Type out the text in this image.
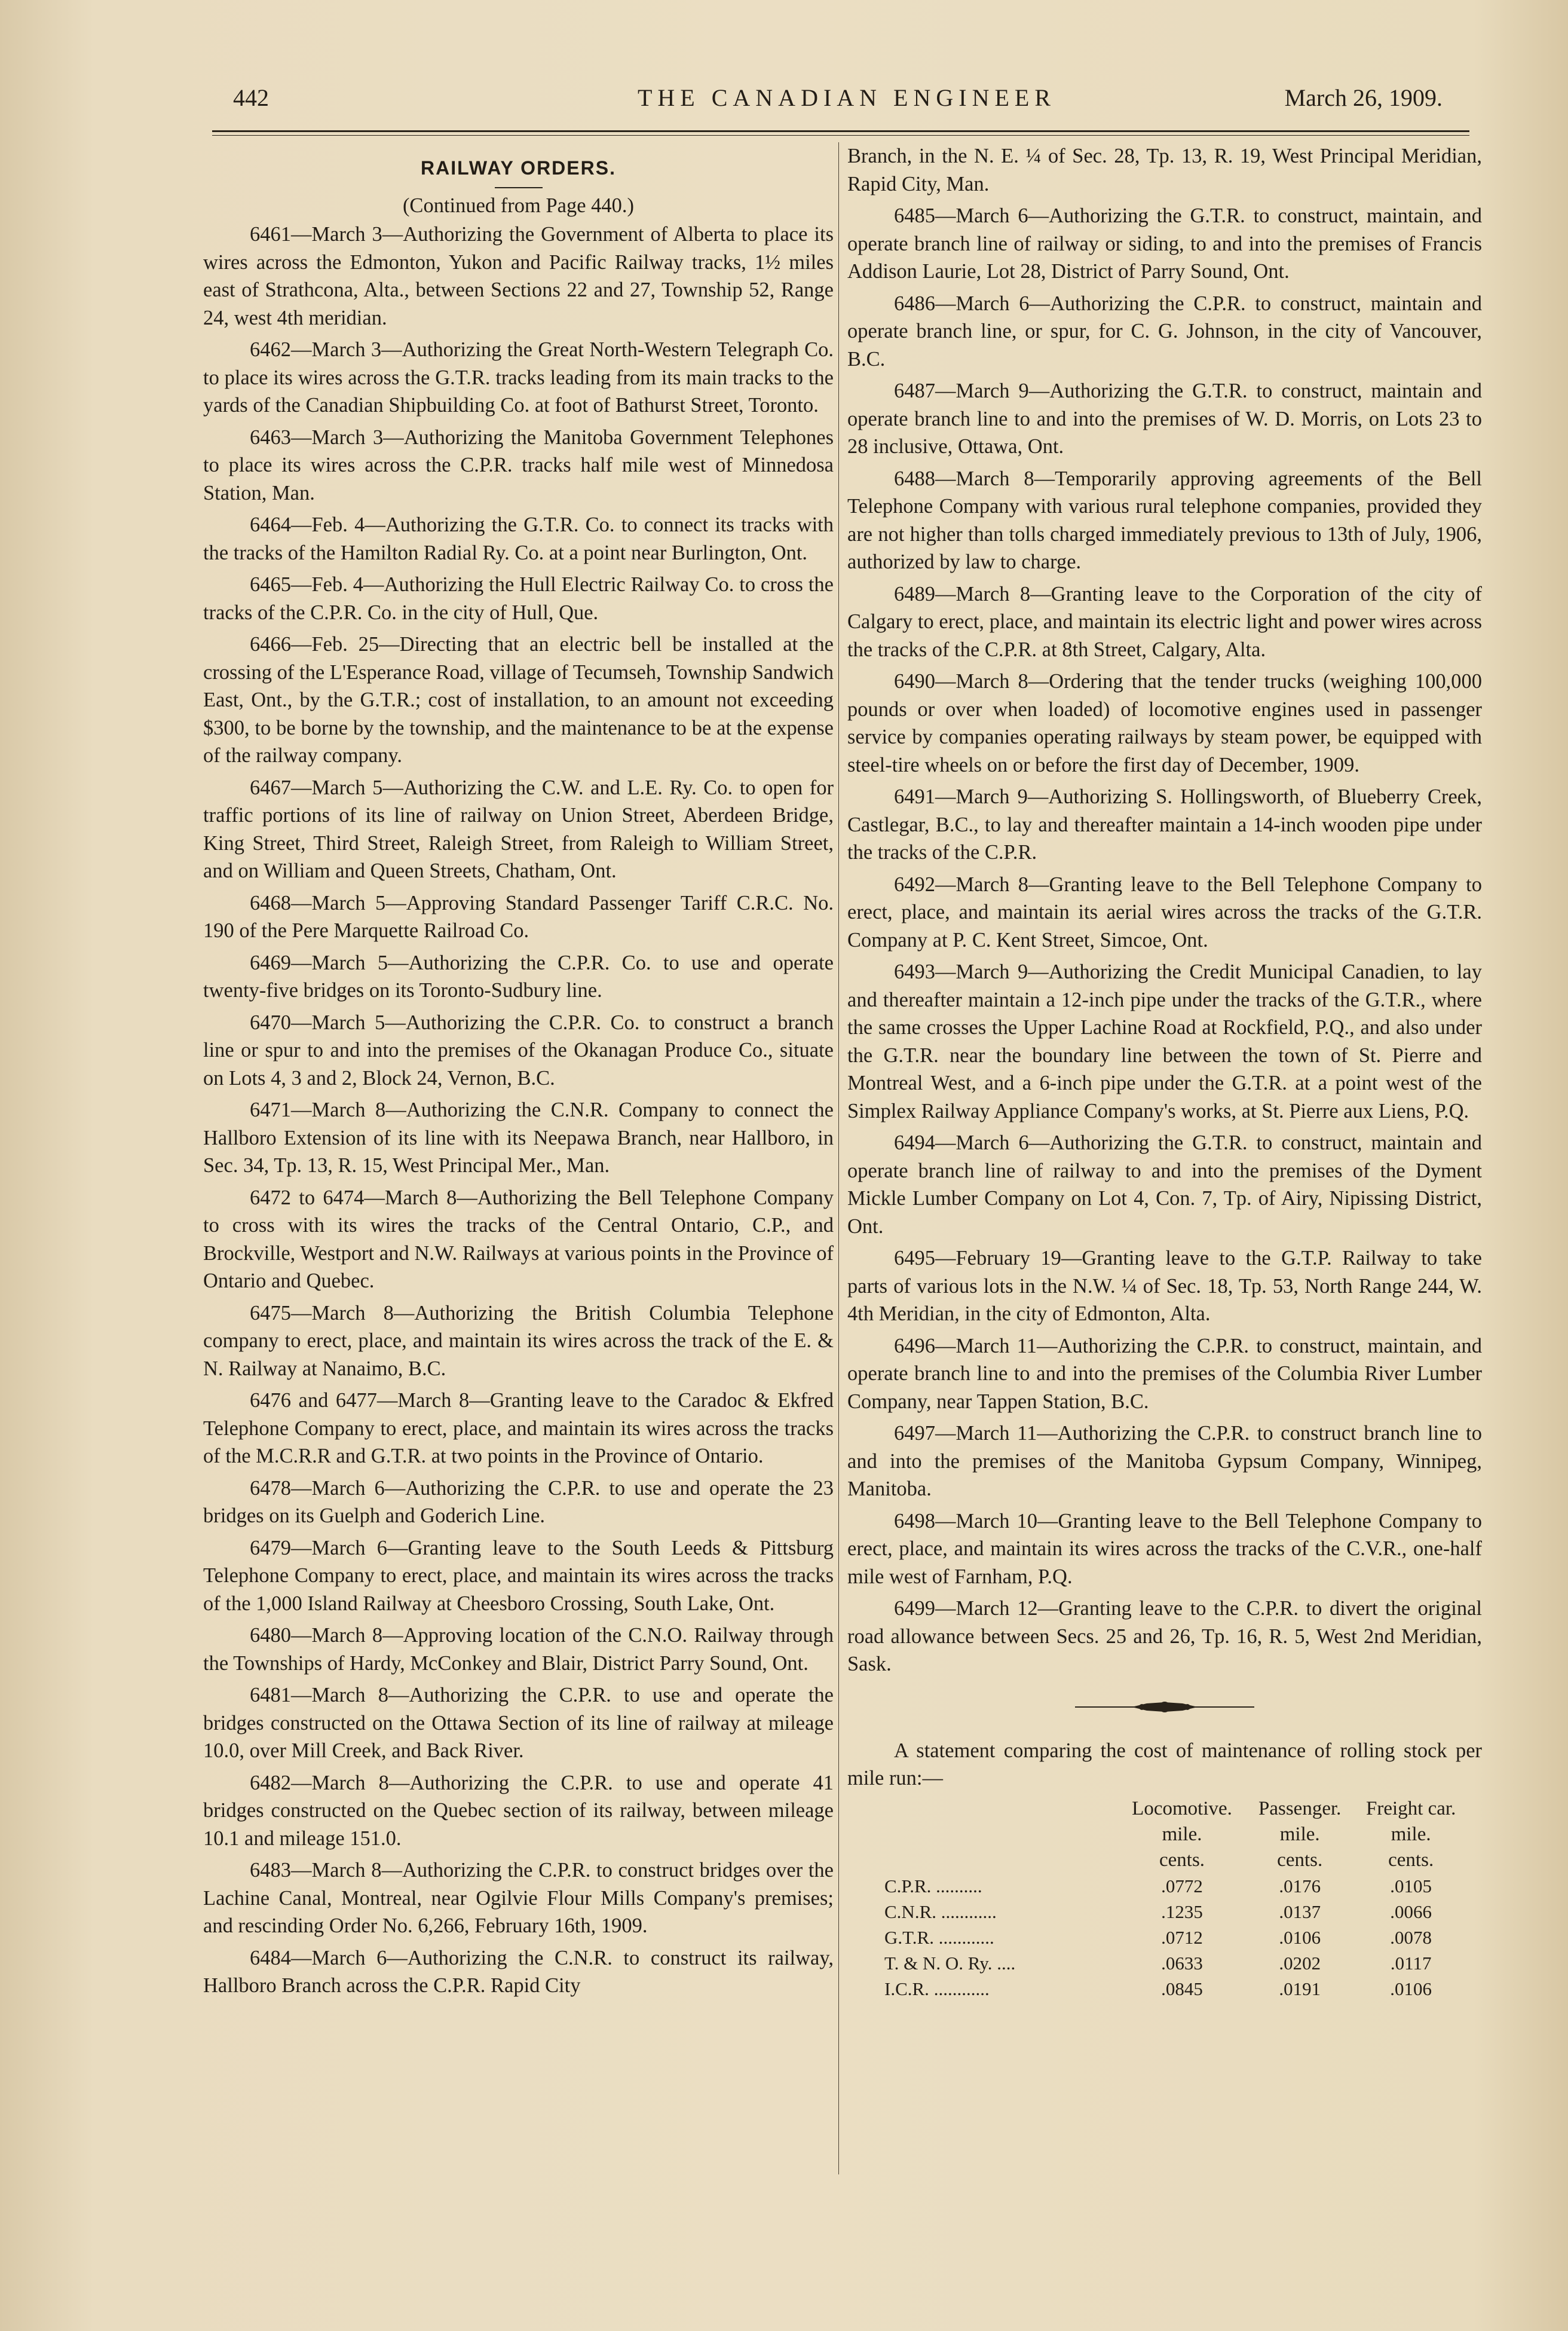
442	THE CANADIAN ENGINEER	March 26, 1909.
RAILWAY ORDERS.
(Continued from Page 440.)

6461—March 3—Authorizing the Government of Alberta to place its wires across the Edmonton, Yukon and Pacific Railway tracks, 1½ miles east of Strathcona, Alta., between Sections 22 and 27, Township 52, Range 24, west 4th meridian.

6462—March 3—Authorizing the Great North-Western Telegraph Co. to place its wires across the G.T.R. tracks leading from its main tracks to the yards of the Canadian Shipbuilding Co. at foot of Bathurst Street, Toronto.

6463—March 3—Authorizing the Manitoba Government Telephones to place its wires across the C.P.R. tracks half mile west of Minnedosa Station, Man.

6464—Feb. 4—Authorizing the G.T.R. Co. to connect its tracks with the tracks of the Hamilton Radial Ry. Co. at a point near Burlington, Ont.

6465—Feb. 4—Authorizing the Hull Electric Railway Co. to cross the tracks of the C.P.R. Co. in the city of Hull, Que.

6466—Feb. 25—Directing that an electric bell be installed at the crossing of the L'Esperance Road, village of Tecumseh, Township Sandwich East, Ont., by the G.T.R.; cost of installation, to an amount not exceeding $300, to be borne by the township, and the maintenance to be at the expense of the railway company.

6467—March 5—Authorizing the C.W. and L.E. Ry. Co. to open for traffic portions of its line of railway on Union Street, Aberdeen Bridge, King Street, Third Street, Raleigh Street, from Raleigh to William Street, and on William and Queen Streets, Chatham, Ont.

6468—March 5—Approving Standard Passenger Tariff C.R.C. No. 190 of the Pere Marquette Railroad Co.

6469—March 5—Authorizing the C.P.R. Co. to use and operate twenty-five bridges on its Toronto-Sudbury line.

6470—March 5—Authorizing the C.P.R. Co. to construct a branch line or spur to and into the premises of the Okanagan Produce Co., situate on Lots 4, 3 and 2, Block 24, Vernon, B.C.

6471—March 8—Authorizing the C.N.R. Company to connect the Hallboro Extension of its line with its Neepawa Branch, near Hallboro, in Sec. 34, Tp. 13, R. 15, West Principal Mer., Man.

6472 to 6474—March 8—Authorizing the Bell Telephone Company to cross with its wires the tracks of the Central Ontario, C.P., and Brockville, Westport and N.W. Railways at various points in the Province of Ontario and Quebec.

6475—March 8—Authorizing the British Columbia Telephone company to erect, place, and maintain its wires across the track of the E. & N. Railway at Nanaimo, B.C.

6476 and 6477—March 8—Granting leave to the Caradoc & Ekfred Telephone Company to erect, place, and maintain its wires across the tracks of the M.C.R.R and G.T.R. at two points in the Province of Ontario.

6478—March 6—Authorizing the C.P.R. to use and operate the 23 bridges on its Guelph and Goderich Line.

6479—March 6—Granting leave to the South Leeds & Pittsburg Telephone Company to erect, place, and maintain its wires across the tracks of the 1,000 Island Railway at Cheesboro Crossing, South Lake, Ont.

6480—March 8—Approving location of the C.N.O. Railway through the Townships of Hardy, McConkey and Blair, District Parry Sound, Ont.

6481—March 8—Authorizing the C.P.R. to use and operate the bridges constructed on the Ottawa Section of its line of railway at mileage 10.0, over Mill Creek, and Back River.

6482—March 8—Authorizing the C.P.R. to use and operate 41 bridges constructed on the Quebec section of its railway, between mileage 10.1 and mileage 151.0.

6483—March 8—Authorizing the C.P.R. to construct bridges over the Lachine Canal, Montreal, near Ogilvie Flour Mills Company's premises; and rescinding Order No. 6,266, February 16th, 1909.

6484—March 6—Authorizing the C.N.R. to construct its railway, Hallboro Branch across the C.P.R. Rapid City

Branch, in the N. E. ¼ of Sec. 28, Tp. 13, R. 19, West Principal Meridian, Rapid City, Man.

6485—March 6—Authorizing the G.T.R. to construct, maintain, and operate branch line of railway or siding, to and into the premises of Francis Addison Laurie, Lot 28, District of Parry Sound, Ont.

6486—March 6—Authorizing the C.P.R. to construct, maintain and operate branch line, or spur, for C. G. Johnson, in the city of Vancouver, B.C.

6487—March 9—Authorizing the G.T.R. to construct, maintain and operate branch line to and into the premises of W. D. Morris, on Lots 23 to 28 inclusive, Ottawa, Ont.

6488—March 8—Temporarily approving agreements of the Bell Telephone Company with various rural telephone companies, provided they are not higher than tolls charged immediately previous to 13th of July, 1906, authorized by law to charge.

6489—March 8—Granting leave to the Corporation of the city of Calgary to erect, place, and maintain its electric light and power wires across the tracks of the C.P.R. at 8th Street, Calgary, Alta.

6490—March 8—Ordering that the tender trucks (weighing 100,000 pounds or over when loaded) of locomotive engines used in passenger service by companies operating railways by steam power, be equipped with steel-tire wheels on or before the first day of December, 1909.

6491—March 9—Authorizing S. Hollingsworth, of Blueberry Creek, Castlegar, B.C., to lay and thereafter maintain a 14-inch wooden pipe under the tracks of the C.P.R.

6492—March 8—Granting leave to the Bell Telephone Company to erect, place, and maintain its aerial wires across the tracks of the G.T.R. Company at P. C. Kent Street, Simcoe, Ont.

6493—March 9—Authorizing the Credit Municipal Canadien, to lay and thereafter maintain a 12-inch pipe under the tracks of the G.T.R., where the same crosses the Upper Lachine Road at Rockfield, P.Q., and also under the G.T.R. near the boundary line between the town of St. Pierre and Montreal West, and a 6-inch pipe under the G.T.R. at a point west of the Simplex Railway Appliance Company's works, at St. Pierre aux Liens, P.Q.

6494—March 6—Authorizing the G.T.R. to construct, maintain and operate branch line of railway to and into the premises of the Dyment Mickle Lumber Company on Lot 4, Con. 7, Tp. of Airy, Nipissing District, Ont.

6495—February 19—Granting leave to the G.T.P. Railway to take parts of various lots in the N.W. ¼ of Sec. 18, Tp. 53, North Range 244, W. 4th Meridian, in the city of Edmonton, Alta.

6496—March 11—Authorizing the C.P.R. to construct, maintain, and operate branch line to and into the premises of the Columbia River Lumber Company, near Tappen Station, B.C.

6497—March 11—Authorizing the C.P.R. to construct branch line to and into the premises of the Manitoba Gypsum Company, Winnipeg, Manitoba.

6498—March 10—Granting leave to the Bell Telephone Company to erect, place, and maintain its wires across the tracks of the C.V.R., one-half mile west of Farnham, P.Q.

6499—March 12—Granting leave to the C.P.R. to divert the original road allowance between Secs. 25 and 26, Tp. 16, R. 5, West 2nd Meridian, Sask.

A statement comparing the cost of maintenance of rolling stock per mile run:—

	Locomotive.	Passenger.	Freight car.
	mile.	mile.	mile.
	cents.	cents.	cents.
C.P.R. ..........	.0772	.0176	.0105
C.N.R. ............	.1235	.0137	.0066
G.T.R. ............	.0712	.0106	.0078
T. & N. O. Ry. ....	.0633	.0202	.0117
I.C.R. ............	.0845	.0191	.0106
